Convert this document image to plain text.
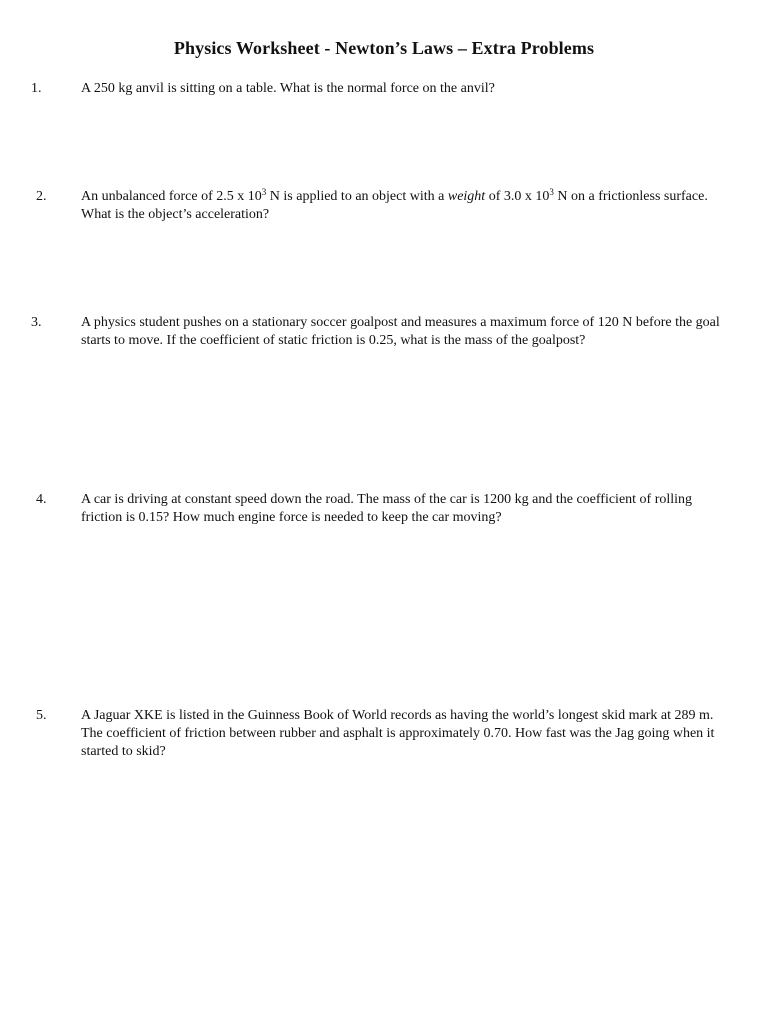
Physics Worksheet - Newton’s Laws – Extra Problems
1.	A 250 kg anvil is sitting on a table. What is the normal force on the anvil?
2. An unbalanced force of 2.5 x $10^3$ N is applied to an object with a weight of 3.0 x $10^3$ N on a frictionless surface. What is the object’s acceleration?
3.	A physics student pushes on a stationary soccer goalpost and measures a maximum force of 120 N before the goal starts to move. If the coefficient of static friction is 0.25, what is the mass of the goalpost?
4. A car is driving at constant speed down the road. The mass of the car is 1200 kg and the coefficient of rolling friction is 0.15? How much engine force is needed to keep the car moving?
5. A Jaguar XKE is listed in the Guinness Book of World records as having the world’s longest skid mark at 289 m. The coefficient of friction between rubber and asphalt is approximately 0.70. How fast was the Jag going when it started to skid?
